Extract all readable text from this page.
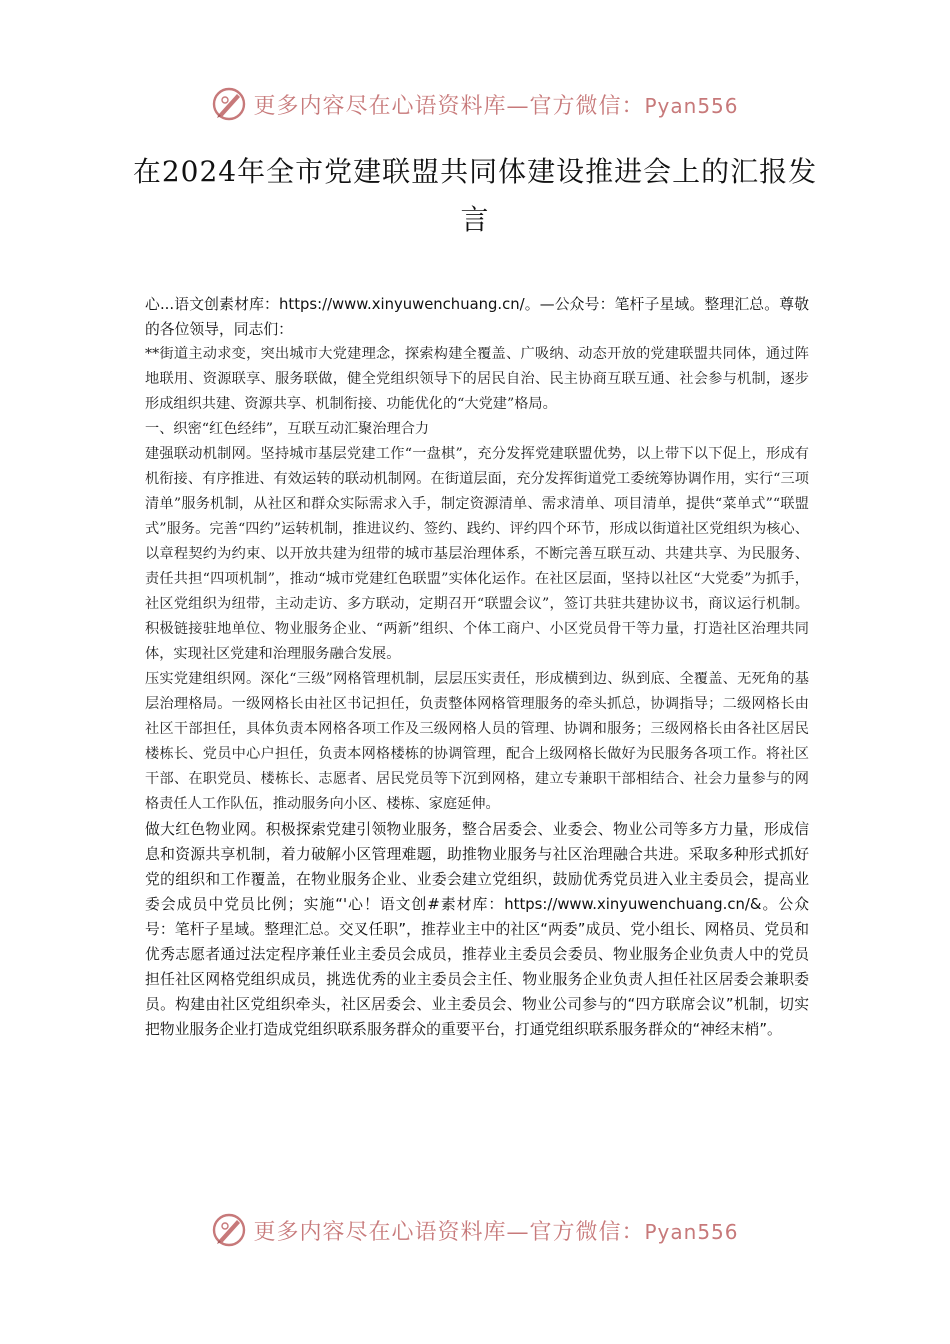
更多内容尽在心语资料库—官方微信：Pyan556
在2024年全市党建联盟共同体建设推进会上的汇报发言

心...语文创素材库：https://www.xinyuwenchuang.cn/。—公众号：笔杆子星域。整理汇总。尊敬的各位领导，同志们：

**街道主动求变，突出城市大党建理念，探索构建全覆盖、广吸纳、动态开放的党建联盟共同体，通过阵地联用、资源联享、服务联做，健全党组织领导下的居民自治、民主协商互联互通、社会参与机制，逐步形成组织共建、资源共享、机制衔接、功能优化的“大党建”格局。

一、织密“红色经纬”，互联互动汇聚治理合力

建强联动机制网。坚持城市基层党建工作“一盘棋”，充分发挥党建联盟优势，以上带下以下促上，形成有机衔接、有序推进、有效运转的联动机制网。在街道层面，充分发挥街道党工委统筹协调作用，实行“三项清单”服务机制，从社区和群众实际需求入手，制定资源清单、需求清单、项目清单，提供“菜单式”“联盟式”服务。完善“四约”运转机制，推进议约、签约、践约、评约四个环节，形成以街道社区党组织为核心、以章程契约为约束、以开放共建为纽带的城市基层治理体系，不断完善互联互动、共建共享、为民服务、责任共担“四项机制”，推动“城市党建红色联盟”实体化运作。在社区层面，坚持以社区“大党委”为抓手，社区党组织为纽带，主动走访、多方联动，定期召开“联盟会议”，签订共驻共建协议书，商议运行机制。积极链接驻地单位、物业服务企业、“两新”组织、个体工商户、小区党员骨干等力量，打造社区治理共同体，实现社区党建和治理服务融合发展。

压实党建组织网。深化“三级”网格管理机制，层层压实责任，形成横到边、纵到底、全覆盖、无死角的基层治理格局。一级网格长由社区书记担任，负责整体网格管理服务的牵头抓总，协调指导；二级网格长由社区干部担任，具体负责本网格各项工作及三级网格人员的管理、协调和服务；三级网格长由各社区居民楼栋长、党员中心户担任，负责本网格楼栋的协调管理，配合上级网格长做好为民服务各项工作。将社区干部、在职党员、楼栋长、志愿者、居民党员等下沉到网格，建立专兼职干部相结合、社会力量参与的网格责任人工作队伍，推动服务向小区、楼栋、家庭延伸。

做大红色物业网。积极探索党建引领物业服务，整合居委会、业委会、物业公司等多方力量，形成信息和资源共享机制，着力破解小区管理难题，助推物业服务与社区治理融合共进。采取多种形式抓好党的组织和工作覆盖，在物业服务企业、业委会建立党组织，鼓励优秀党员进入业主委员会，提高业委会成员中党员比例；实施“'心！语文创#素材库：https://www.xinyuwenchuang.cn/&。公众号：笔杆子星域。整理汇总。交叉任职”，推荐业主中的社区“两委”成员、党小组长、网格员、党员和优秀志愿者通过法定程序兼任业主委员会成员，推荐业主委员会委员、物业服务企业负责人中的党员担任社区网格党组织成员，挑选优秀的业主委员会主任、物业服务企业负责人担任社区居委会兼职委员。构建由社区党组织牵头，社区居委会、业主委员会、物业公司参与的“四方联席会议”机制，切实把物业服务企业打造成党组织联系服务群众的重要平台，打通党组织联系服务群众的“神经末梢”。

更多内容尽在心语资料库—官方微信：Pyan556
